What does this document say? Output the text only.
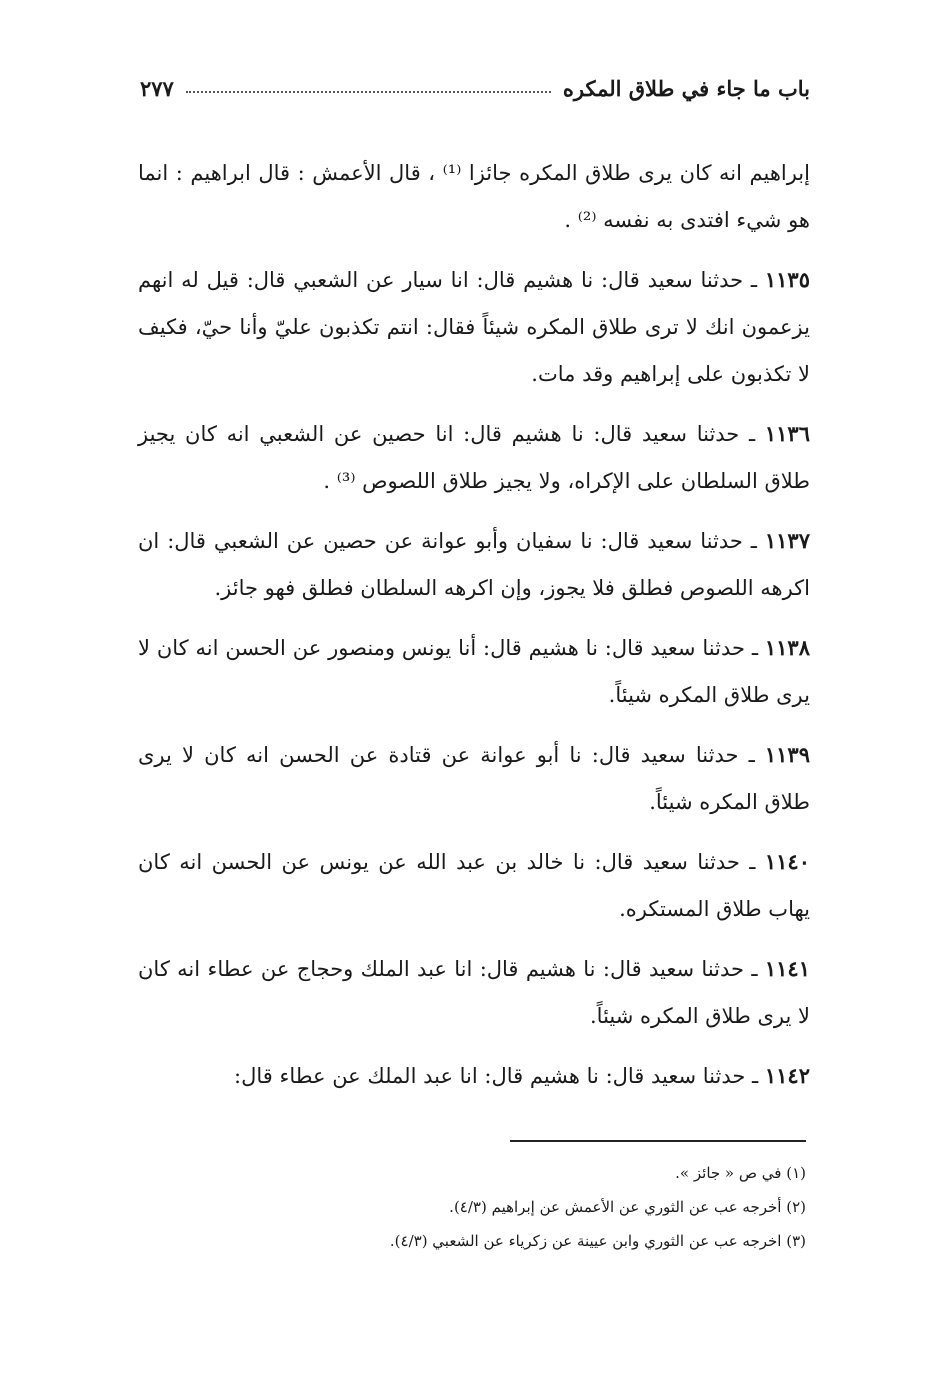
باب ما جاء في طلاق المكره
٢٧٧

إبراهيم انه كان يرى طلاق المكره جائزا ⁽¹⁾ ، قال الأعمش : قال ابراهيم : انما هو شيء افتدى به نفسه ⁽²⁾ .

١١٣٥ ـ حدثنا سعيد قال: نا هشيم قال: انا سيار عن الشعبي قال: قيل له انهم يزعمون انك لا ترى طلاق المكره شيئاً فقال: انتم تكذبون عليّ وأنا حيّ، فكيف لا تكذبون على إبراهيم وقد مات.

١١٣٦ ـ حدثنا سعيد قال: نا هشيم قال: انا حصين عن الشعبي انه كان يجيز طلاق السلطان على الإكراه، ولا يجيز طلاق اللصوص ⁽³⁾ .

١١٣٧ ـ حدثنا سعيد قال: نا سفيان وأبو عوانة عن حصين عن الشعبي قال: ان اكرهه اللصوص فطلق فلا يجوز، وإن اكرهه السلطان فطلق فهو جائز.

١١٣٨ ـ حدثنا سعيد قال: نا هشيم قال: أنا يونس ومنصور عن الحسن انه كان لا يرى طلاق المكره شيئاً.

١١٣٩ ـ حدثنا سعيد قال: نا أبو عوانة عن قتادة عن الحسن انه كان لا يرى طلاق المكره شيئاً.

١١٤٠ ـ حدثنا سعيد قال: نا خالد بن عبد الله عن يونس عن الحسن انه كان يهاب طلاق المستكره.

١١٤١ ـ حدثنا سعيد قال: نا هشيم قال: انا عبد الملك وحجاج عن عطاء انه كان لا يرى طلاق المكره شيئاً.

١١٤٢ ـ حدثنا سعيد قال: نا هشيم قال: انا عبد الملك عن عطاء قال:

(١) في ص « جائز ».

(٢) أخرجه عب عن الثوري عن الأعمش عن إبراهيم (٤/٣).

(٣) اخرجه عب عن الثوري وابن عيينة عن زكرياء عن الشعبي (٤/٣).
